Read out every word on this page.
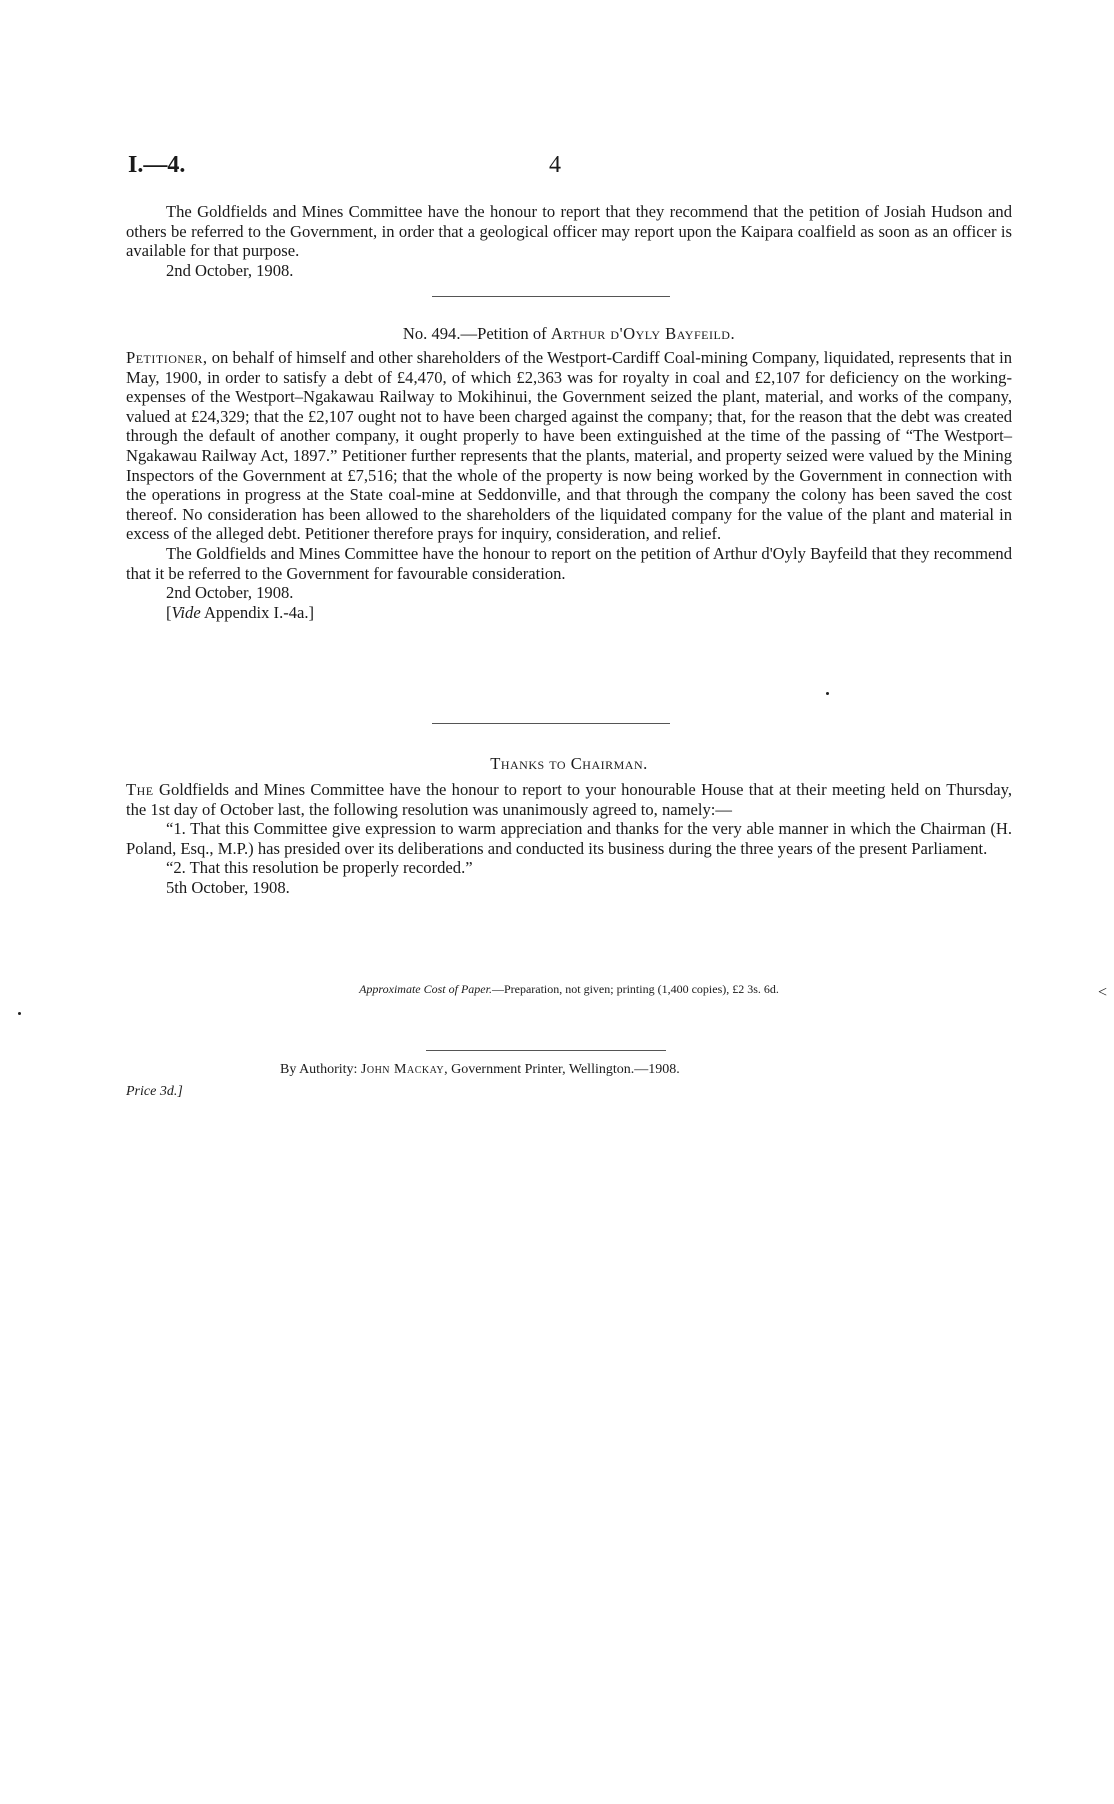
I.—4.	4

The Goldfields and Mines Committee have the honour to report that they recommend that the petition of Josiah Hudson and others be referred to the Government, in order that a geological officer may report upon the Kaipara coalfield as soon as an officer is available for that purpose.

2nd October, 1908.

No. 494.—Petition of Arthur d'Oyly Bayfeild.

Petitioner, on behalf of himself and other shareholders of the Westport-Cardiff Coal-mining Company, liquidated, represents that in May, 1900, in order to satisfy a debt of £4,470, of which £2,363 was for royalty in coal and £2,107 for deficiency on the working-expenses of the Westport–Ngakawau Railway to Mokihinui, the Government seized the plant, material, and works of the company, valued at £24,329; that the £2,107 ought not to have been charged against the company; that, for the reason that the debt was created through the default of another company, it ought properly to have been extinguished at the time of the passing of “The Westport–Ngakawau Railway Act, 1897.” Petitioner further represents that the plants, material, and property seized were valued by the Mining Inspectors of the Government at £7,516; that the whole of the property is now being worked by the Government in connection with the operations in progress at the State coal-mine at Seddonville, and that through the company the colony has been saved the cost thereof. No consideration has been allowed to the shareholders of the liquidated company for the value of the plant and material in excess of the alleged debt. Petitioner therefore prays for inquiry, consideration, and relief.

The Goldfields and Mines Committee have the honour to report on the petition of Arthur d'Oyly Bayfeild that they recommend that it be referred to the Government for favourable consideration.

2nd October, 1908.

[Vide Appendix I.-4a.]

Thanks to Chairman.

The Goldfields and Mines Committee have the honour to report to your honourable House that at their meeting held on Thursday, the 1st day of October last, the following resolution was unanimously agreed to, namely:—

“1. That this Committee give expression to warm appreciation and thanks for the very able manner in which the Chairman (H. Poland, Esq., M.P.) has presided over its deliberations and conducted its business during the three years of the present Parliament.

“2. That this resolution be properly recorded.”

5th October, 1908.

Approximate Cost of Paper.—Preparation, not given; printing (1,400 copies), £2 3s. 6d.
By Authority: John Mackay, Government Printer, Wellington.—1908.
Price 3d.]
<
